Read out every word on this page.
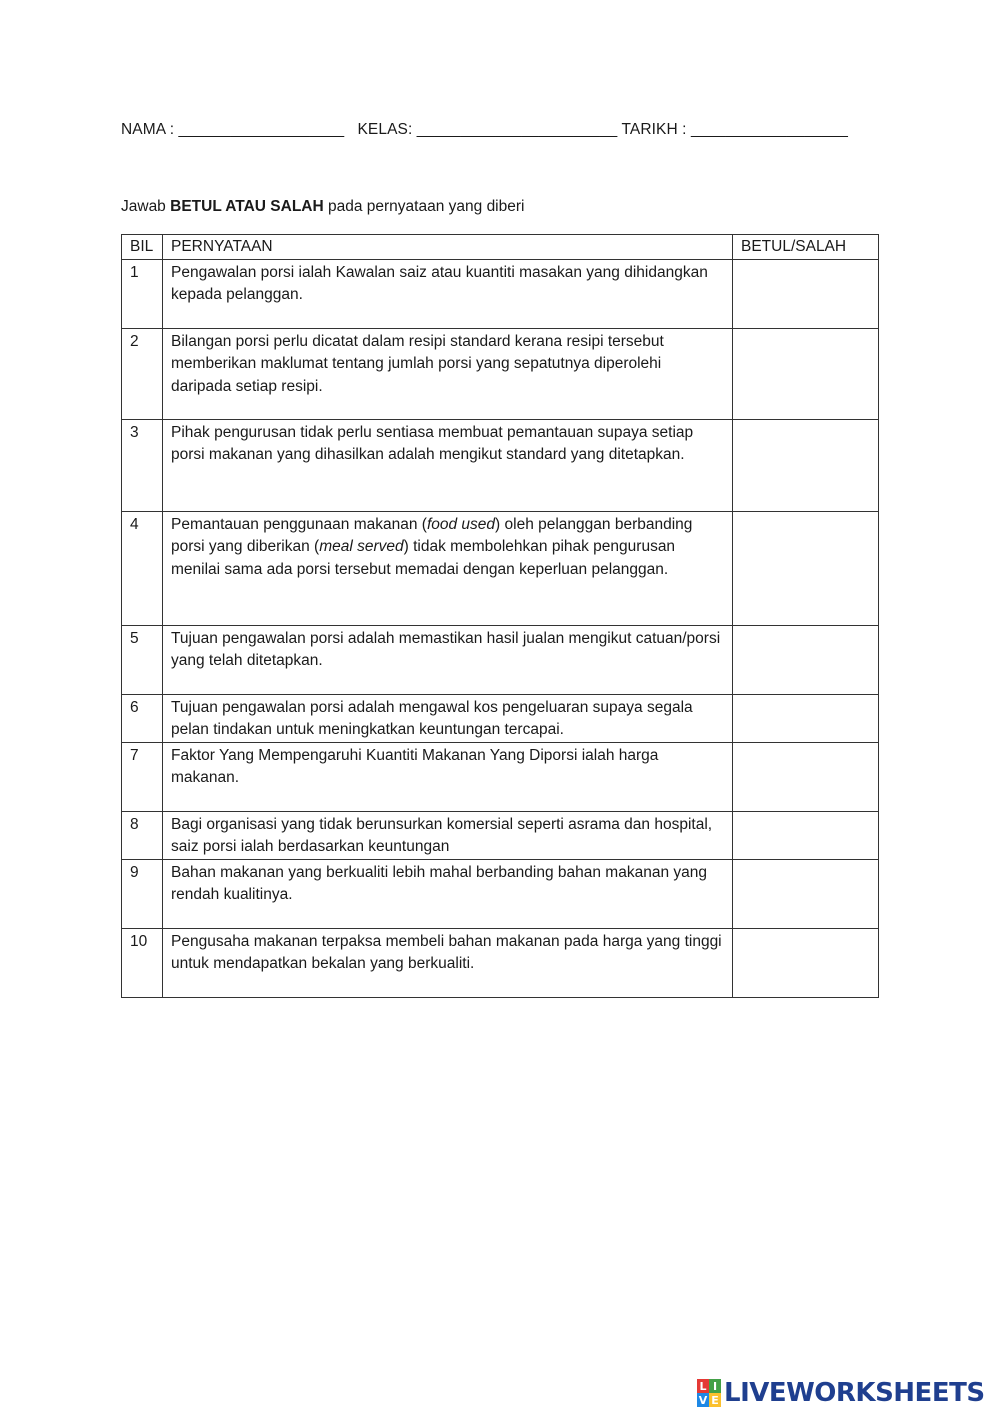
NAMA : ___________________ KELAS: _______________________ TARIKH : __________________
Jawab BETUL ATAU SALAH pada pernyataan yang diberi
BIL	PERNYATAAN	BETUL/SALAH
1	Pengawalan porsi ialah Kawalan saiz atau kuantiti masakan yang dihidangkan kepada pelanggan.	
2	Bilangan porsi perlu dicatat dalam resipi standard kerana resipi tersebut memberikan maklumat tentang jumlah porsi yang sepatutnya diperolehi daripada setiap resipi.	
3	Pihak pengurusan tidak perlu sentiasa membuat pemantauan supaya setiap porsi makanan yang dihasilkan adalah mengikut standard yang ditetapkan.	
4	Pemantauan penggunaan makanan (food used) oleh pelanggan berbanding porsi yang diberikan (meal served) tidak membolehkan pihak pengurusan menilai sama ada porsi tersebut memadai dengan keperluan pelanggan.	
5	Tujuan pengawalan porsi adalah memastikan hasil jualan mengikut catuan/porsi yang telah ditetapkan.	
6	Tujuan pengawalan porsi adalah mengawal kos pengeluaran supaya segala pelan tindakan untuk meningkatkan keuntungan tercapai.	
7	Faktor Yang Mempengaruhi Kuantiti Makanan Yang Diporsi ialah harga makanan.	
8	Bagi organisasi yang tidak berunsurkan komersial seperti asrama dan hospital, saiz porsi ialah berdasarkan keuntungan	
9	Bahan makanan yang berkualiti lebih mahal berbanding bahan makanan yang rendah kualitinya.	
10	Pengusaha makanan terpaksa membeli bahan makanan pada harga yang tinggi untuk mendapatkan bekalan yang berkualiti.	
L I
V E LIVEWORKSHEETS
